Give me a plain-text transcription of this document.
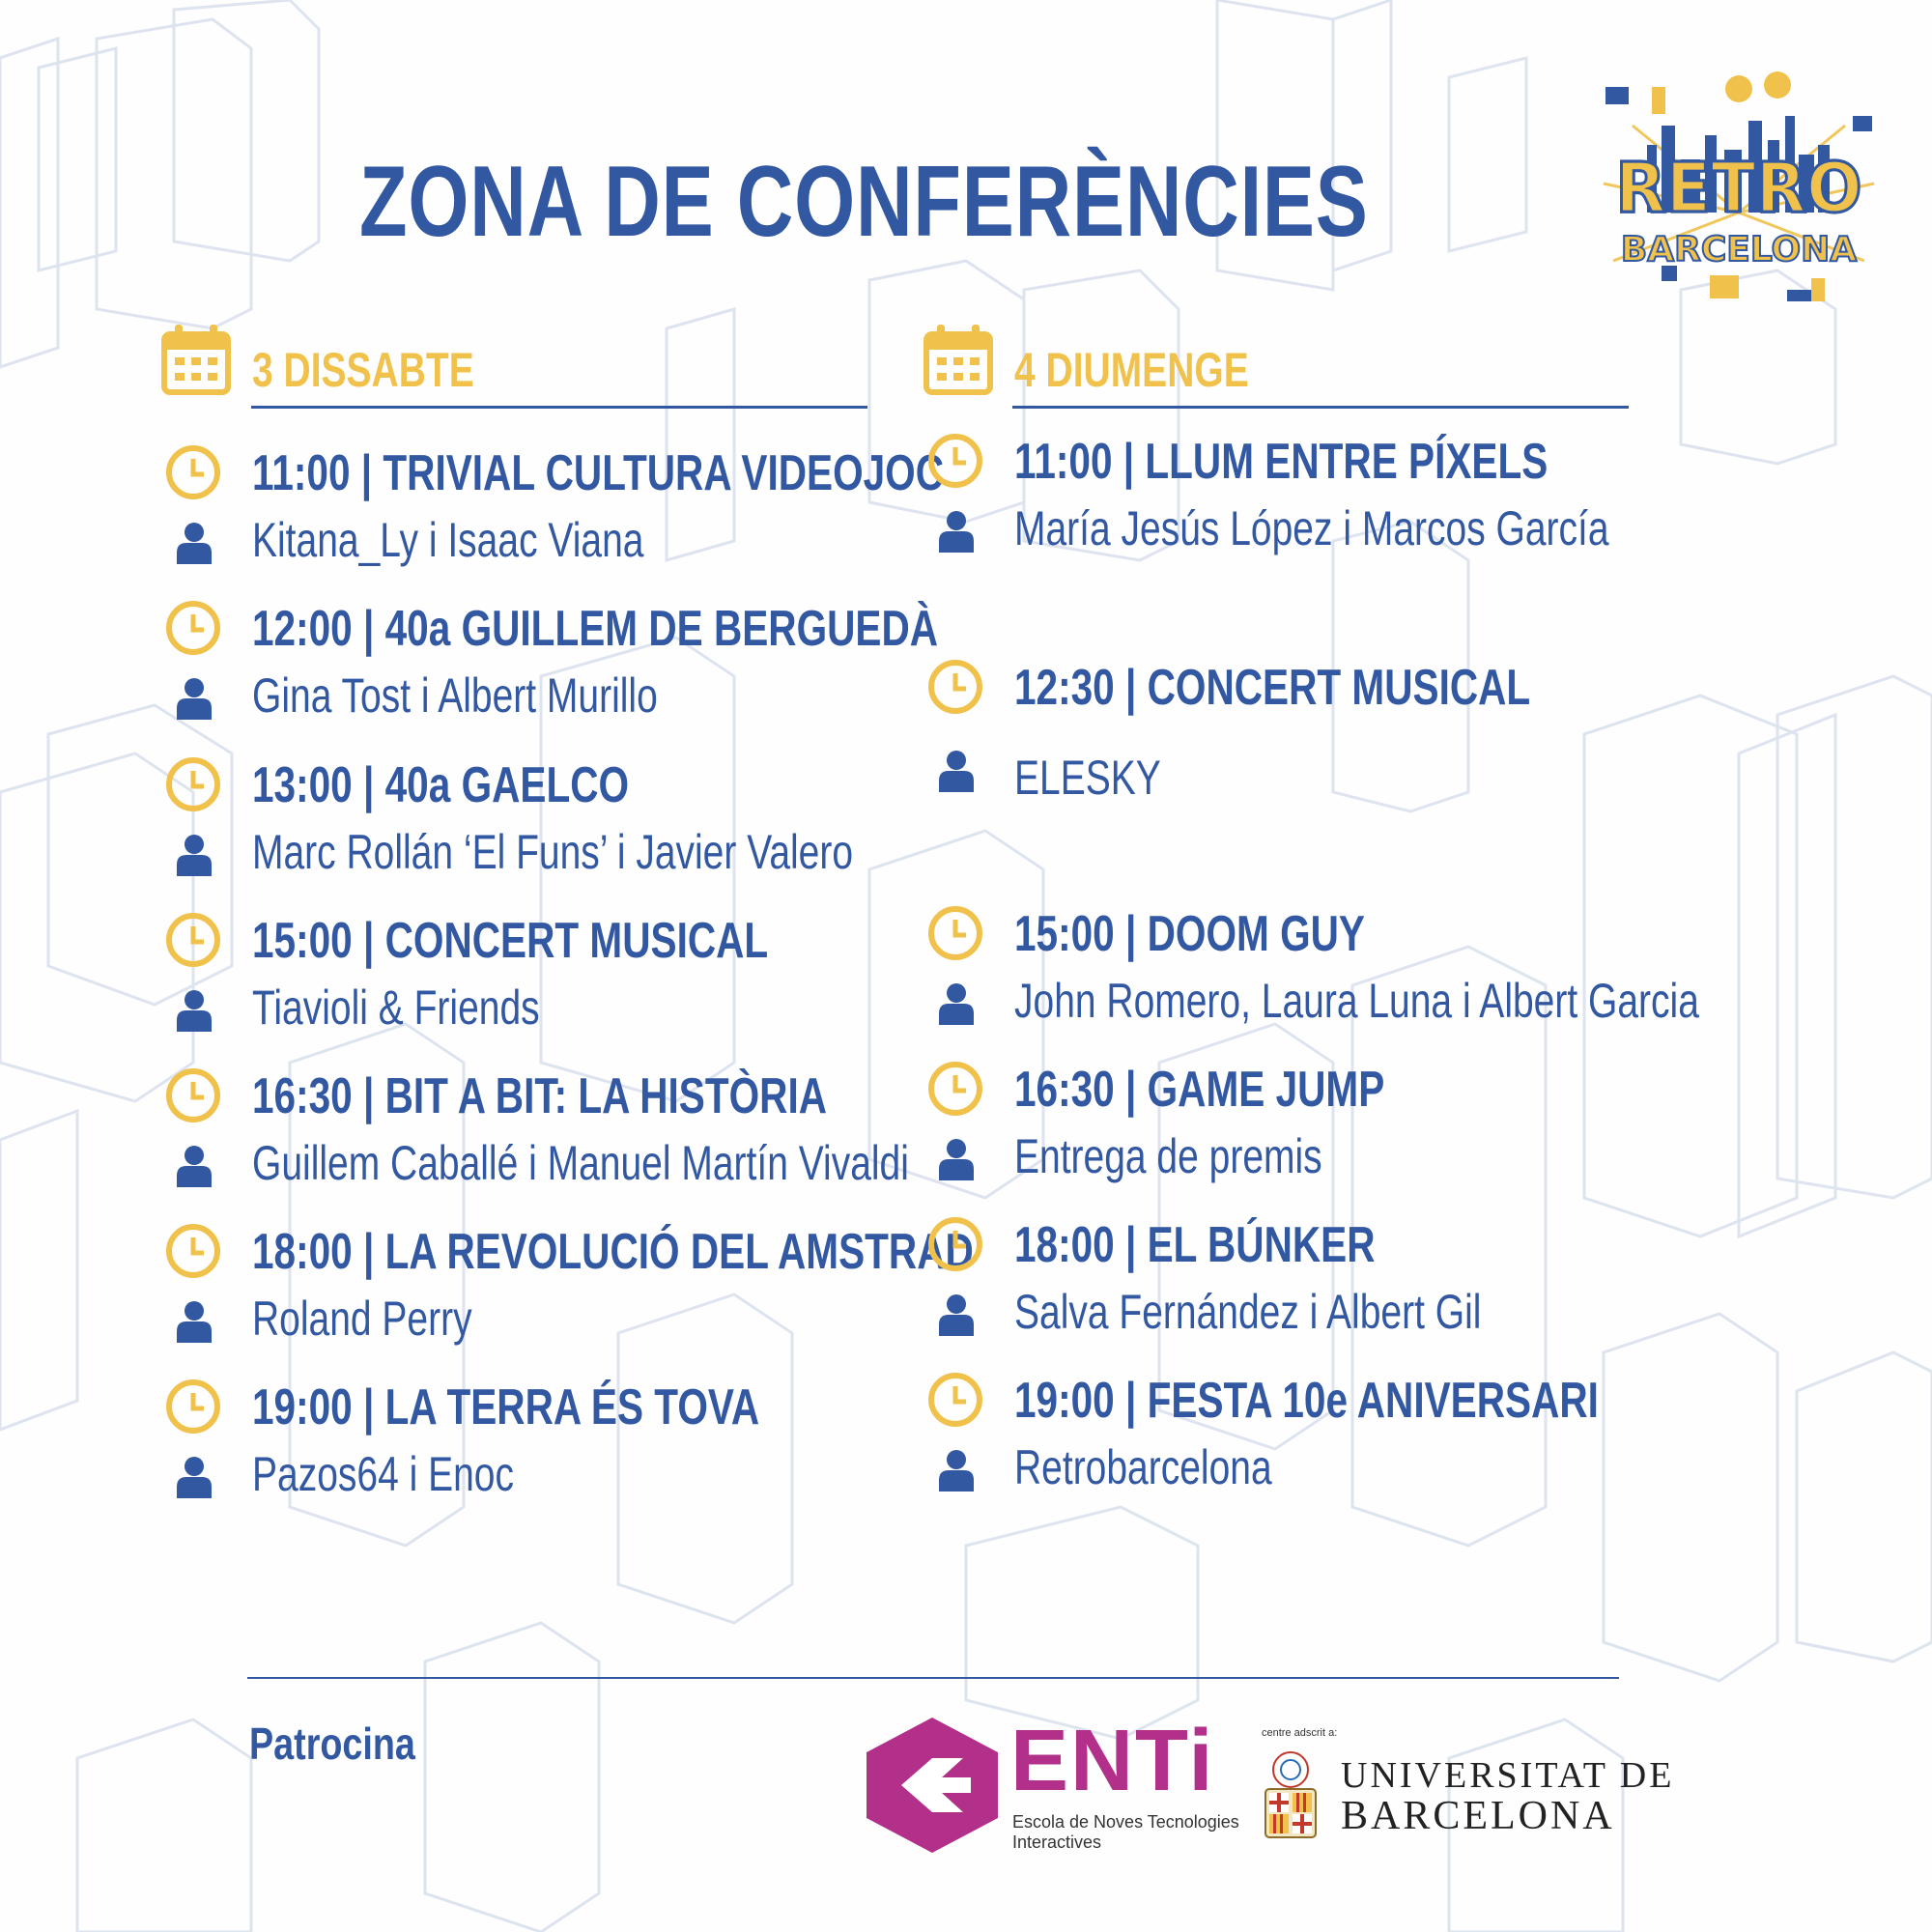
RETRO
BARCELONA
ZONA DE CONFERÈNCIES
3 DISSABTE	4 DIUMENGE
11:00 | TRIVIAL CULTURA VIDEOJOC
Kitana_Ly i Isaac Viana
12:00 | 40a GUILLEM DE BERGUEDÀ
Gina Tost i Albert Murillo
13:00 | 40a GAELCO
Marc Rollán ‘El Funs’ i Javier Valero
15:00 | CONCERT MUSICAL
Tiavioli & Friends
16:30 | BIT A BIT: LA HISTÒRIA
Guillem Caballé i Manuel Martín Vivaldi
18:00 | LA REVOLUCIÓ DEL AMSTRAD
Roland Perry
19:00 | LA TERRA ÉS TOVA
Pazos64 i Enoc
11:00 | LLUM ENTRE PÍXELS
María Jesús López i Marcos García
12:30 | CONCERT MUSICAL
ELESKY
15:00 | DOOM GUY
John Romero, Laura Luna i Albert Garcia
16:30 | GAME JUMP
Entrega de premis
18:00 | EL BÚNKER
Salva Fernández i Albert Gil
19:00 | FESTA 10e ANIVERSARI
Retrobarcelona
Patrocina	ENTi
Escola de Noves Tecnologies Interactives
centre adscrit a:
UNIVERSITAT DE
BARCELONA
